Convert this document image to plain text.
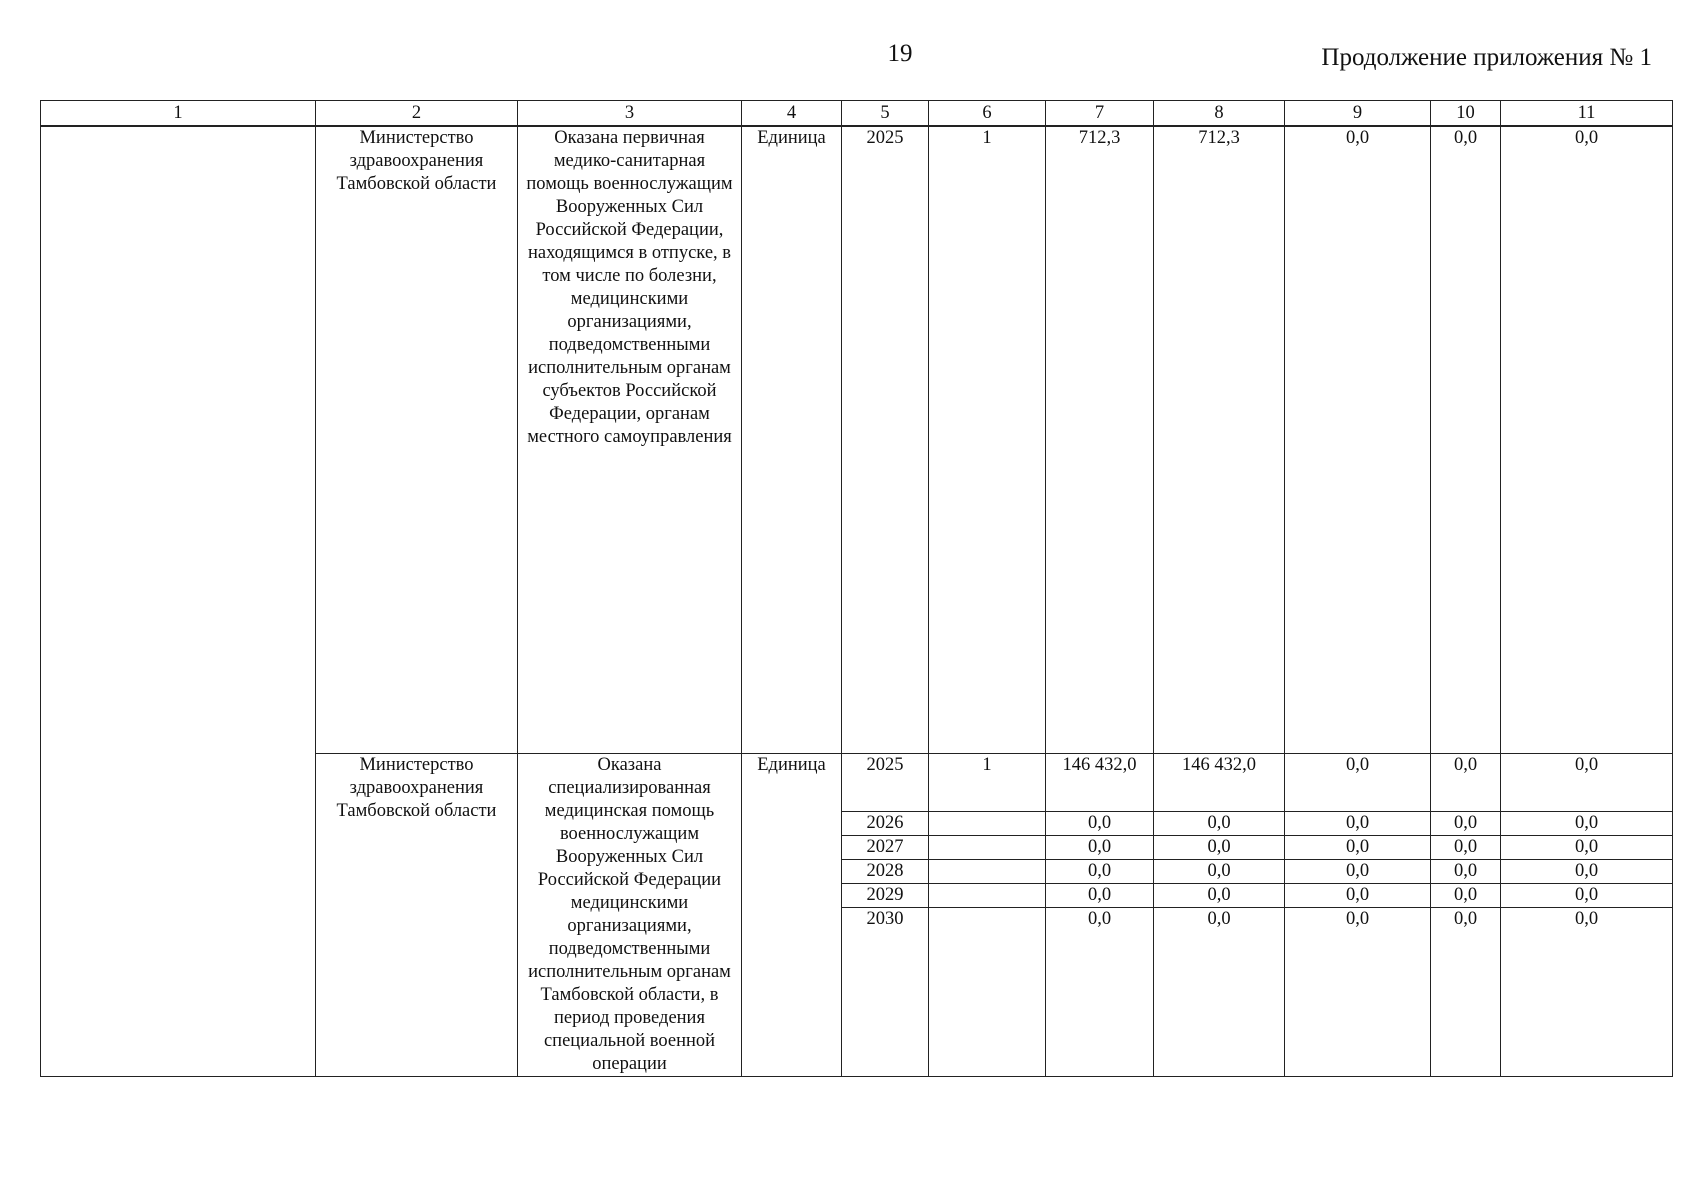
19	Продолжение приложения № 1
1	2	3	4	5	6	7	8	9	10	11
	Министерство здравоохранения Тамбовской области	Оказана первичная медико-санитарная помощь военнослужащим Вооруженных Сил Российской Федерации, находящимся в отпуске, в том числе по болезни, медицинскими организациями, подведомственными исполнительным органам субъектов Российской Федерации, органам местного самоуправления	Единица	2025	1	712,3	712,3	0,0	0,0	0,0
	Министерство здравоохранения Тамбовской области	Оказана специализированная медицинская помощь военнослужащим Вооруженных Сил Российской Федерации медицинскими организациями, подведомственными исполнительным органам Тамбовской области, в период проведения специальной военной операции	Единица	2025	1	146 432,0	146 432,0	0,0	0,0	0,0
				2026		0,0	0,0	0,0	0,0	0,0
				2027		0,0	0,0	0,0	0,0	0,0
				2028		0,0	0,0	0,0	0,0	0,0
				2029		0,0	0,0	0,0	0,0	0,0
				2030		0,0	0,0	0,0	0,0	0,0
